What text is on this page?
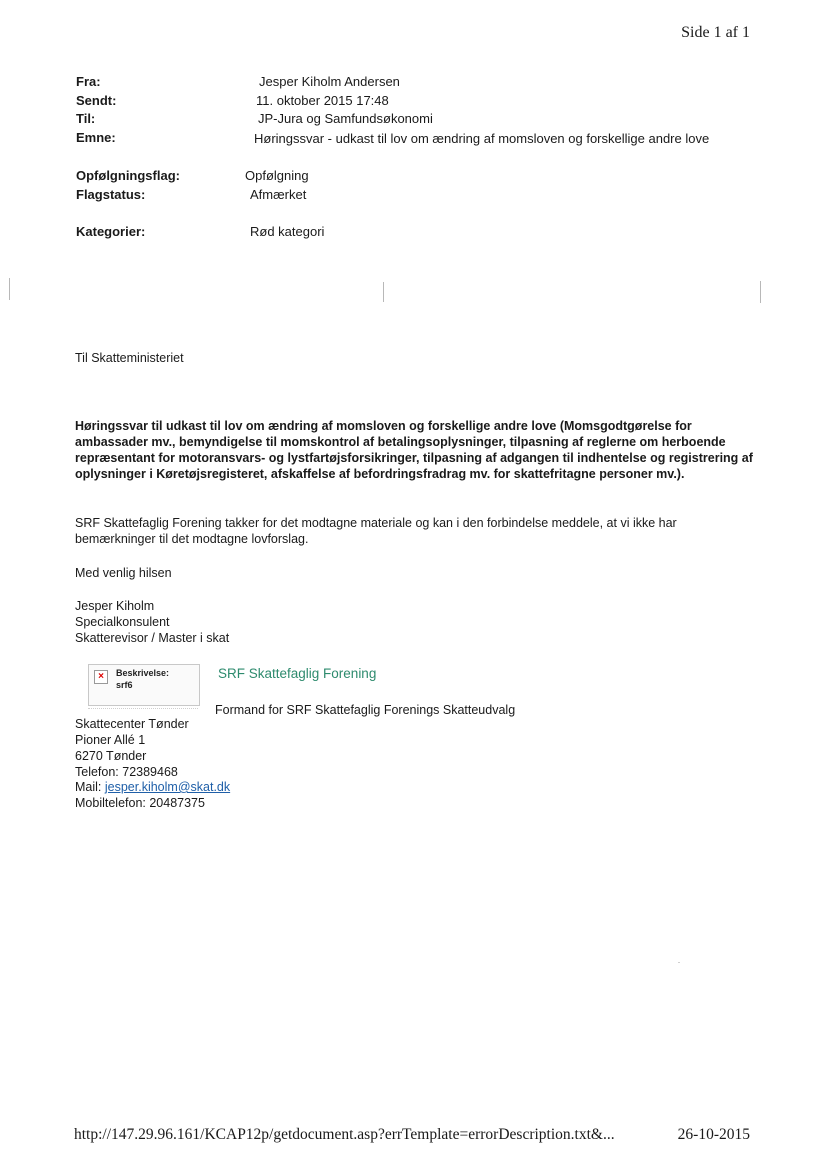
Side 1 af 1
Fra:	Jesper Kiholm Andersen
Sendt:	11. oktober 2015 17:48
Til:	JP-Jura og Samfundsøkonomi
Emne:	Høringssvar - udkast til lov om ændring af momsloven og forskellige andre love
Opfølgningsflag:	Opfølgning
Flagstatus:	Afmærket
Kategorier:	Rød kategori
Til Skatteministeriet
Høringssvar til udkast til lov om ændring af momsloven og forskellige andre love (Momsgodtgørelse for ambassader mv., bemyndigelse til momskontrol af betalingsoplysninger, tilpasning af reglerne om herboende repræsentant for motoransvars- og lystfartøjsforsikringer, tilpasning af adgangen til indhentelse og registrering af oplysninger i Køretøjsregisteret, afskaffelse af befordringsfradrag mv. for skattefritagne personer mv.).
SRF Skattefaglig Forening takker for det modtagne materiale og kan i den forbindelse meddele, at vi ikke har
bemærkninger til det modtagne lovforslag.
Med venlig hilsen
Jesper Kiholm
Specialkonsulent
Skatterevisor / Master i skat
×	Beskrivelse:
srf6
SRF Skattefaglig Forening
Formand for SRF Skattefaglig Forenings Skatteudvalg
Skattecenter Tønder
Pioner Allé 1
6270 Tønder
Telefon: 72389468
Mail: jesper.kiholm@skat.dk
Mobiltelefon: 20487375
http://147.29.96.161/KCAP12p/getdocument.asp?errTemplate=errorDescription.txt&...	26-10-2015
